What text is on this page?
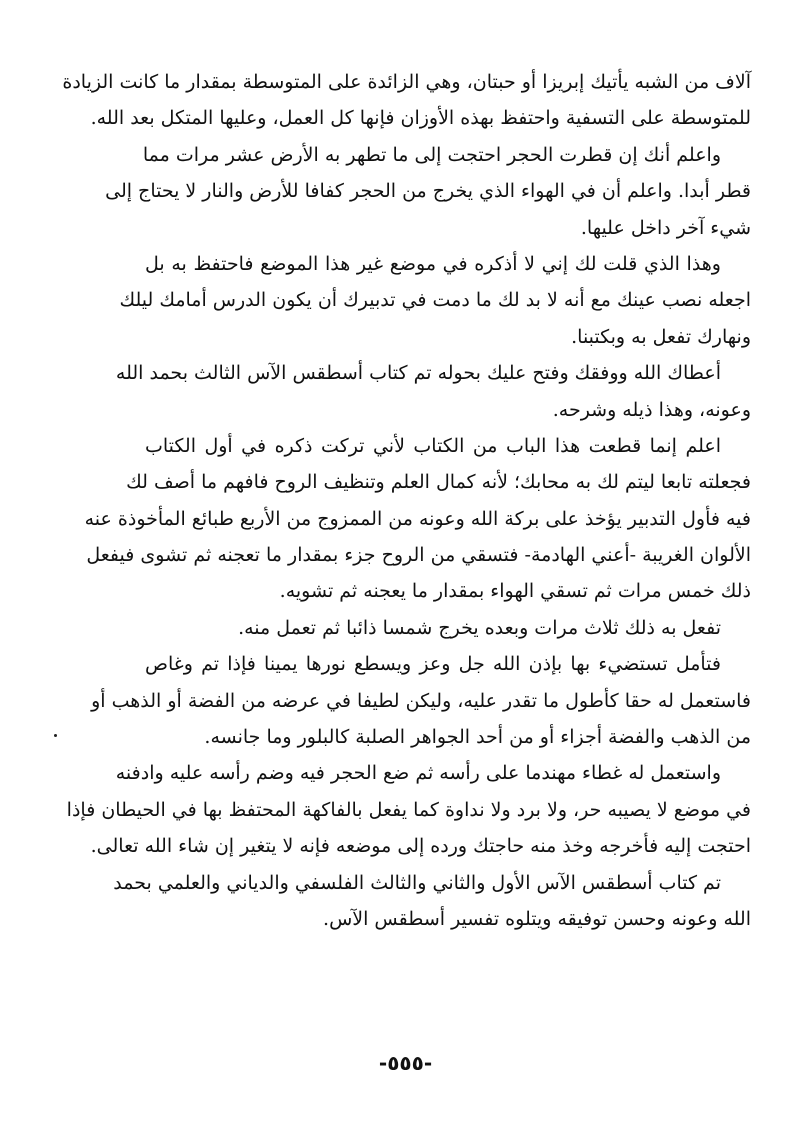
آلاف من الشبه يأتيك إبريزا أو حبتان، وهي الزائدة على المتوسطة بمقدار ما كانت الزيادة
للمتوسطة على التسفية واحتفظ بهذه الأوزان فإنها كل العمل، وعليها المتكل بعد الله.
واعلم أنك إن قطرت الحجر احتجت إلى ما تطهر به الأرض عشر مرات مما
قطر أبدا. واعلم أن في الهواء الذي يخرج من الحجر كفافا للأرض والنار لا يحتاج إلى
شيء آخر داخل عليها.
وهذا الذي قلت لك إني لا أذكره في موضع غير هذا الموضع فاحتفظ به بل
اجعله نصب عينك مع أنه لا بد لك ما دمت في تدبيرك أن يكون الدرس أمامك ليلك
ونهارك تفعل به وبكتبنا.
أعطاك الله ووفقك وفتح عليك بحوله تم كتاب أسطقس الآس الثالث بحمد الله
وعونه، وهذا ذيله وشرحه.
اعلم إنما قطعت هذا الباب من الكتاب لأني تركت ذكره في أول الكتاب
فجعلته تابعا ليتم لك به محابك؛ لأنه كمال العلم وتنظيف الروح فافهم ما أصف لك
فيه فأول التدبير يؤخذ على بركة الله وعونه من الممزوج من الأربع طبائع المأخوذة عنه
الألوان الغريبة -أعني الهادمة- فتسقي من الروح جزء بمقدار ما تعجنه ثم تشوى فيفعل
ذلك خمس مرات ثم تسقي الهواء بمقدار ما يعجنه ثم تشويه.
تفعل به ذلك ثلاث مرات وبعده يخرج شمسا ذائبا ثم تعمل منه.
فتأمل تستضيء بها بإذن الله جل وعز ويسطع نورها يمينا فإذا تم وغاص
فاستعمل له حقا كأطول ما تقدر عليه، وليكن لطيفا في عرضه من الفضة أو الذهب أو
من الذهب والفضة أجزاء أو من أحد الجواهر الصلبة كالبلور وما جانسه.
واستعمل له غطاء مهندما على رأسه ثم ضع الحجر فيه وضم رأسه عليه وادفنه
في موضع لا يصيبه حر، ولا برد ولا نداوة كما يفعل بالفاكهة المحتفظ بها في الحيطان فإذا
احتجت إليه فأخرجه وخذ منه حاجتك ورده إلى موضعه فإنه لا يتغير إن شاء الله تعالى.
تم كتاب أسطقس الآس الأول والثاني والثالث الفلسفي والدياني والعلمي بحمد
الله وعونه وحسن توفيقه ويتلوه تفسير أسطقس الآس.
-٥٥٥-
